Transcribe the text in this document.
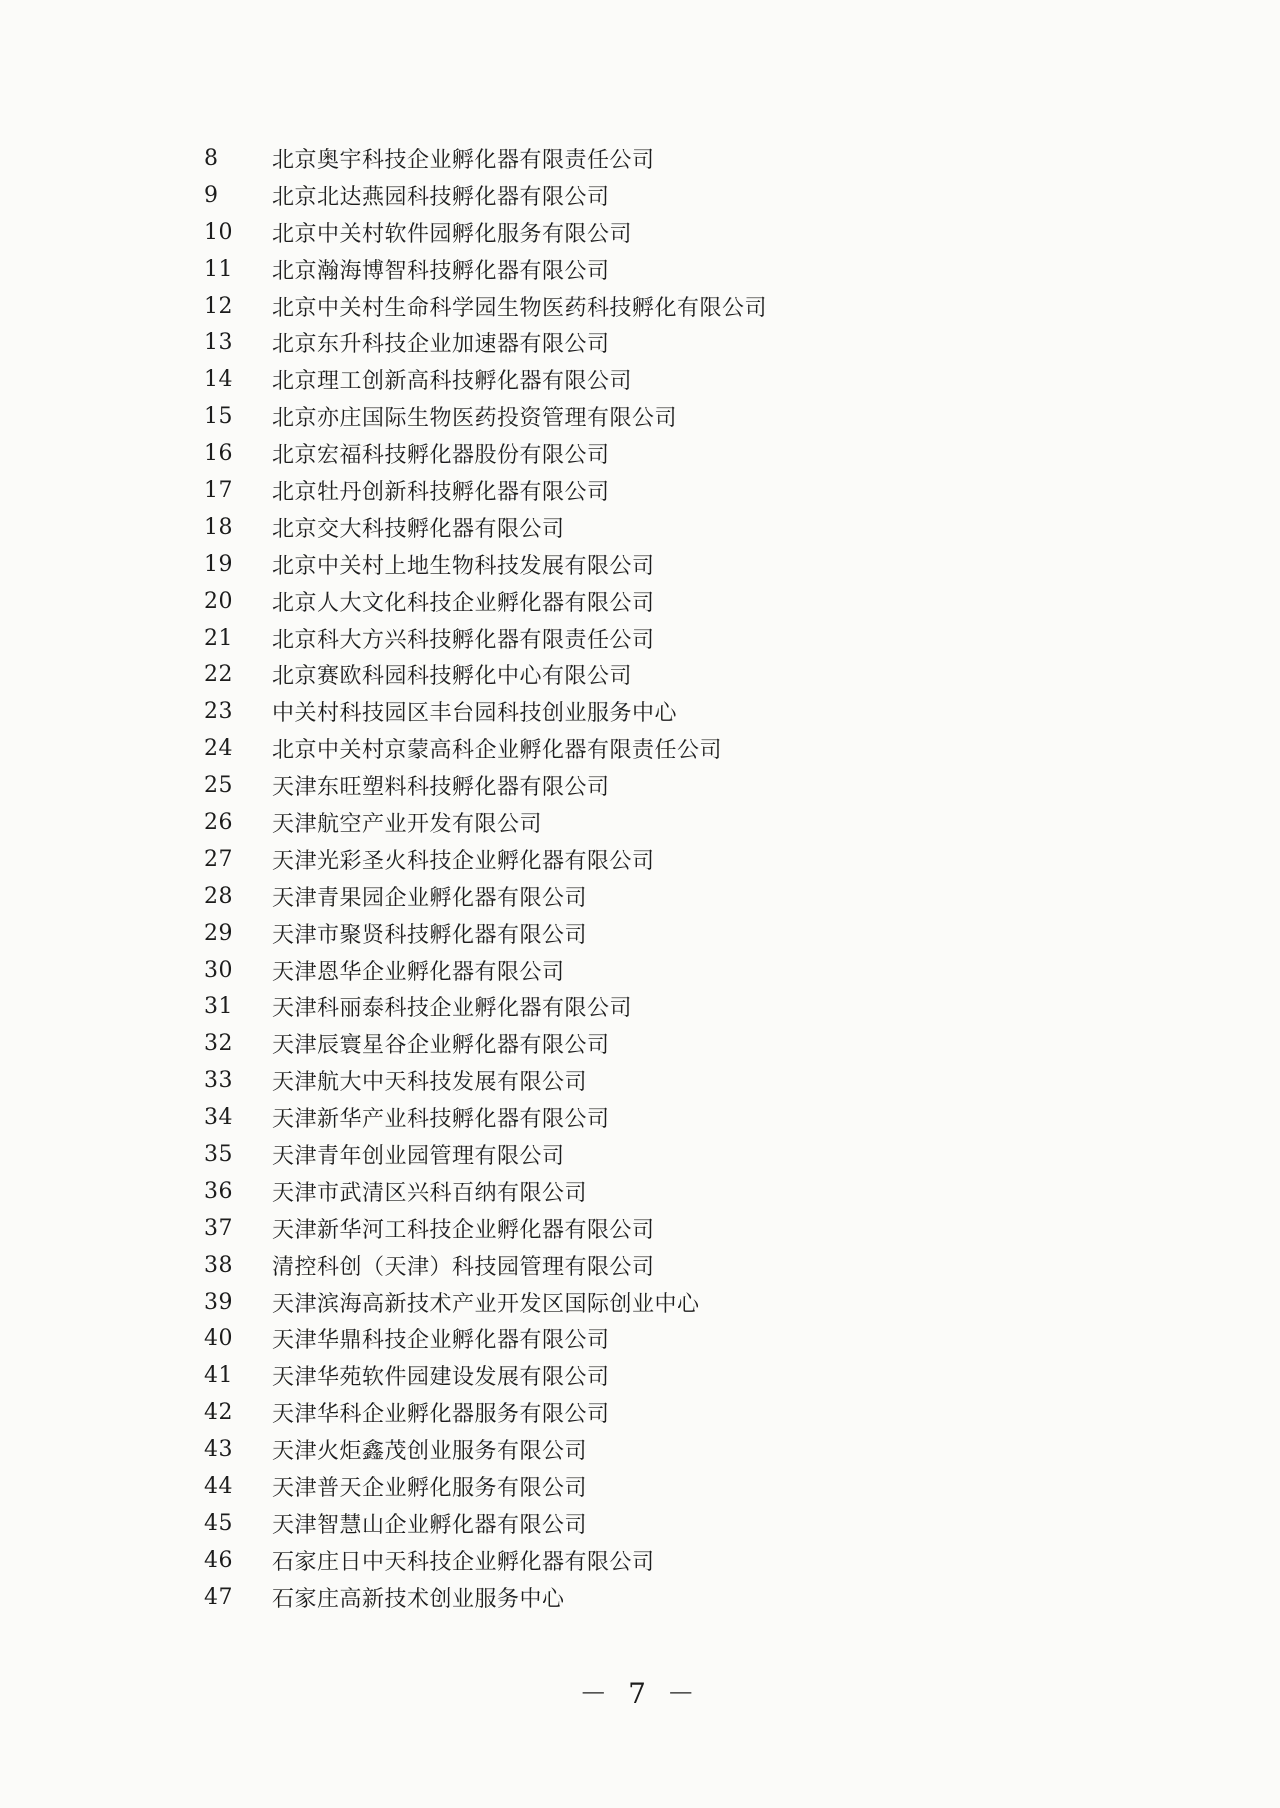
8	北京奥宇科技企业孵化器有限责任公司
9	北京北达燕园科技孵化器有限公司
10	北京中关村软件园孵化服务有限公司
11	北京瀚海博智科技孵化器有限公司
12	北京中关村生命科学园生物医药科技孵化有限公司
13	北京东升科技企业加速器有限公司
14	北京理工创新高科技孵化器有限公司
15	北京亦庄国际生物医药投资管理有限公司
16	北京宏福科技孵化器股份有限公司
17	北京牡丹创新科技孵化器有限公司
18	北京交大科技孵化器有限公司
19	北京中关村上地生物科技发展有限公司
20	北京人大文化科技企业孵化器有限公司
21	北京科大方兴科技孵化器有限责任公司
22	北京赛欧科园科技孵化中心有限公司
23	中关村科技园区丰台园科技创业服务中心
24	北京中关村京蒙高科企业孵化器有限责任公司
25	天津东旺塑料科技孵化器有限公司
26	天津航空产业开发有限公司
27	天津光彩圣火科技企业孵化器有限公司
28	天津青果园企业孵化器有限公司
29	天津市聚贤科技孵化器有限公司
30	天津恩华企业孵化器有限公司
31	天津科丽泰科技企业孵化器有限公司
32	天津辰寰星谷企业孵化器有限公司
33	天津航大中天科技发展有限公司
34	天津新华产业科技孵化器有限公司
35	天津青年创业园管理有限公司
36	天津市武清区兴科百纳有限公司
37	天津新华河工科技企业孵化器有限公司
38	清控科创（天津）科技园管理有限公司
39	天津滨海高新技术产业开发区国际创业中心
40	天津华鼎科技企业孵化器有限公司
41	天津华苑软件园建设发展有限公司
42	天津华科企业孵化器服务有限公司
43	天津火炬鑫茂创业服务有限公司
44	天津普天企业孵化服务有限公司
45	天津智慧山企业孵化器有限公司
46	石家庄日中天科技企业孵化器有限公司
47	石家庄高新技术创业服务中心
－ 7 －
